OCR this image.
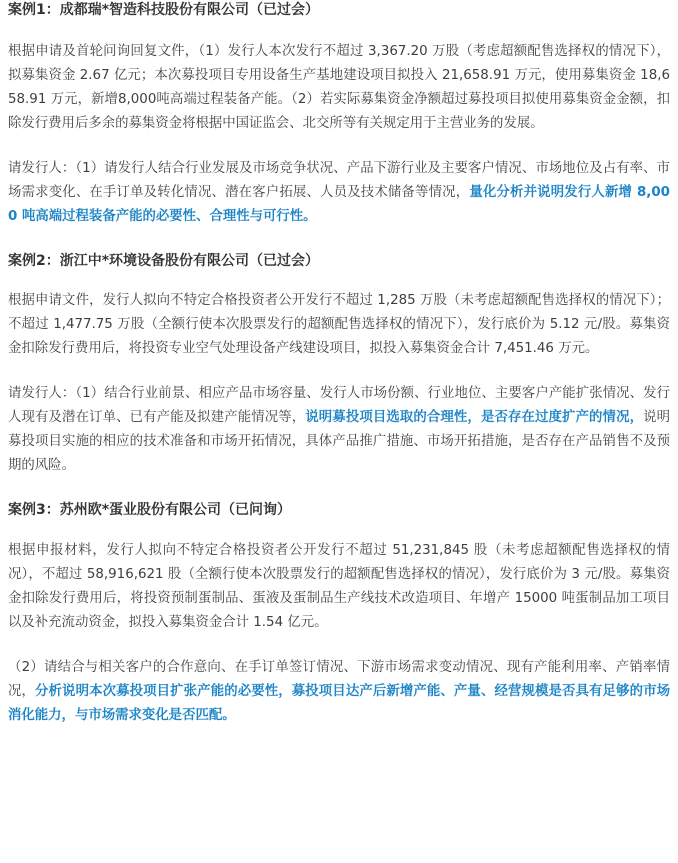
案例1：成都瑞*智造科技股份有限公司（已过会）

根据申请及首轮问询回复文件，（1）发行人本次发行不超过 3,367.20 万股（考虑超额配售选择权的情况下），拟募集资金 2.67 亿元；本次募投项目专用设备生产基地建设项目拟投入 21,658.91 万元，使用募集资金 18,658.91 万元，新增8,000吨高端过程装备产能。（2）若实际募集资金净额超过募投项目拟使用募集资金金额，扣除发行费用后多余的募集资金将根据中国证监会、北交所等有关规定用于主营业务的发展。

请发行人：（1）请发行人结合行业发展及市场竞争状况、产品下游行业及主要客户情况、市场地位及占有率、市场需求变化、在手订单及转化情况、潜在客户拓展、人员及技术储备等情况，量化分析并说明发行人新增 8,000 吨高端过程装备产能的必要性、合理性与可行性。

案例2：浙江中*环境设备股份有限公司（已过会）

根据申请文件，发行人拟向不特定合格投资者公开发行不超过 1,285 万股（未考虑超额配售选择权的情况下）；不超过 1,477.75 万股（全额行使本次股票发行的超额配售选择权的情况下），发行底价为 5.12 元/股。募集资金扣除发行费用后，将投资专业空气处理设备产线建设项目，拟投入募集资金合计 7,451.46 万元。

请发行人：（1）结合行业前景、相应产品市场容量、发行人市场份额、行业地位、主要客户产能扩张情况、发行人现有及潜在订单、已有产能及拟建产能情况等，说明募投项目选取的合理性，是否存在过度扩产的情况，说明募投项目实施的相应的技术准备和市场开拓情况，具体产品推广措施、市场开拓措施，是否存在产品销售不及预期的风险。

案例3：苏州欧*蛋业股份有限公司（已问询）

根据申报材料，发行人拟向不特定合格投资者公开发行不超过 51,231,845 股（未考虑超额配售选择权的情况），不超过 58,916,621 股（全额行使本次股票发行的超额配售选择权的情况），发行底价为 3 元/股。募集资金扣除发行费用后，将投资预制蛋制品、蛋液及蛋制品生产线技术改造项目、年增产 15000 吨蛋制品加工项目以及补充流动资金，拟投入募集资金合计 1.54 亿元。

（2）请结合与相关客户的合作意向、在手订单签订情况、下游市场需求变动情况、现有产能利用率、产销率情况，分析说明本次募投项目扩张产能的必要性，募投项目达产后新增产能、产量、经营规模是否具有足够的市场消化能力，与市场需求变化是否匹配。
